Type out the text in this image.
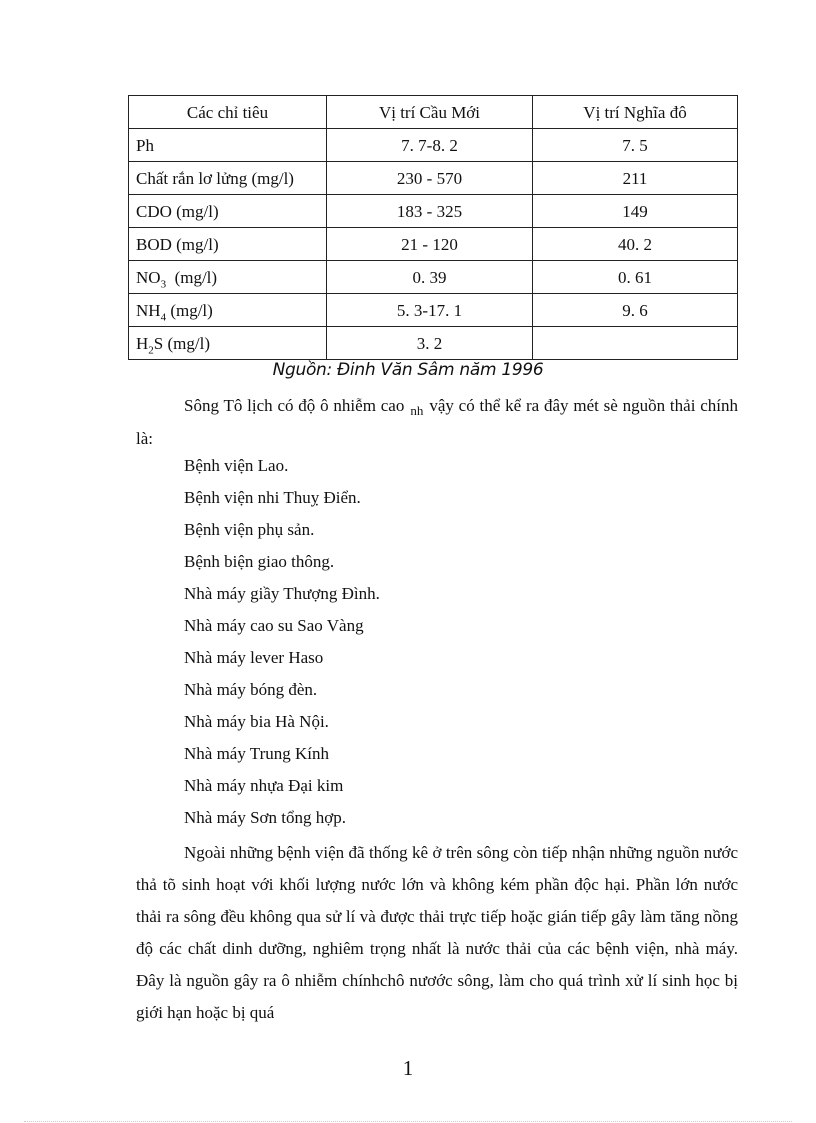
Các chỉ tiêu	Vị trí Cầu Mới	Vị trí Nghĩa đô
Ph	7. 7-8. 2	7. 5
Chất rắn lơ lửng (mg/l)	230 - 570	211
CDO (mg/l)	183 - 325	149
BOD (mg/l)	21 - 120	40. 2
$NO_3$  (mg/l)	0. 39	0. 61
$NH_4$ (mg/l)	5. 3-17. 1	9. 6
$H_2S$ (mg/l)	3. 2	
Nguồn: Đinh Văn Sâm năm 1996
Sông Tô lịch có độ ô nhiễm cao $_{nh}$ vậy có thể kể ra đây mét sè nguồn thải chính là:
Bệnh viện Lao.
Bệnh viện nhi Thuỵ Điển.
Bệnh viện phụ sản.
Bệnh biện giao thông.
Nhà máy giầy Thượng Đình.
Nhà máy cao su Sao Vàng
Nhà máy lever Haso
Nhà máy bóng đèn.
Nhà máy bia Hà Nội.
Nhà máy Trung Kính
Nhà máy nhựa Đại kim
Nhà máy Sơn tổng hợp.
Ngoài những bệnh viện đã thống kê ở trên sông còn tiếp nhận những nguồn nước thả tõ sinh hoạt với khối lượng nước lớn và không kém phần độc hại. Phần lớn nước thải ra sông đều không qua sử lí và được thải trực tiếp hoặc gián tiếp gây làm tăng nồng độ các chất dinh dưỡng, nghiêm trọng nhất là nước thải của các bệnh viện, nhà máy. Đây là nguồn gây ra ô nhiễm chínhchô nươớc sông, làm cho quá trình xử lí sinh học bị giới hạn hoặc bị quá
1
